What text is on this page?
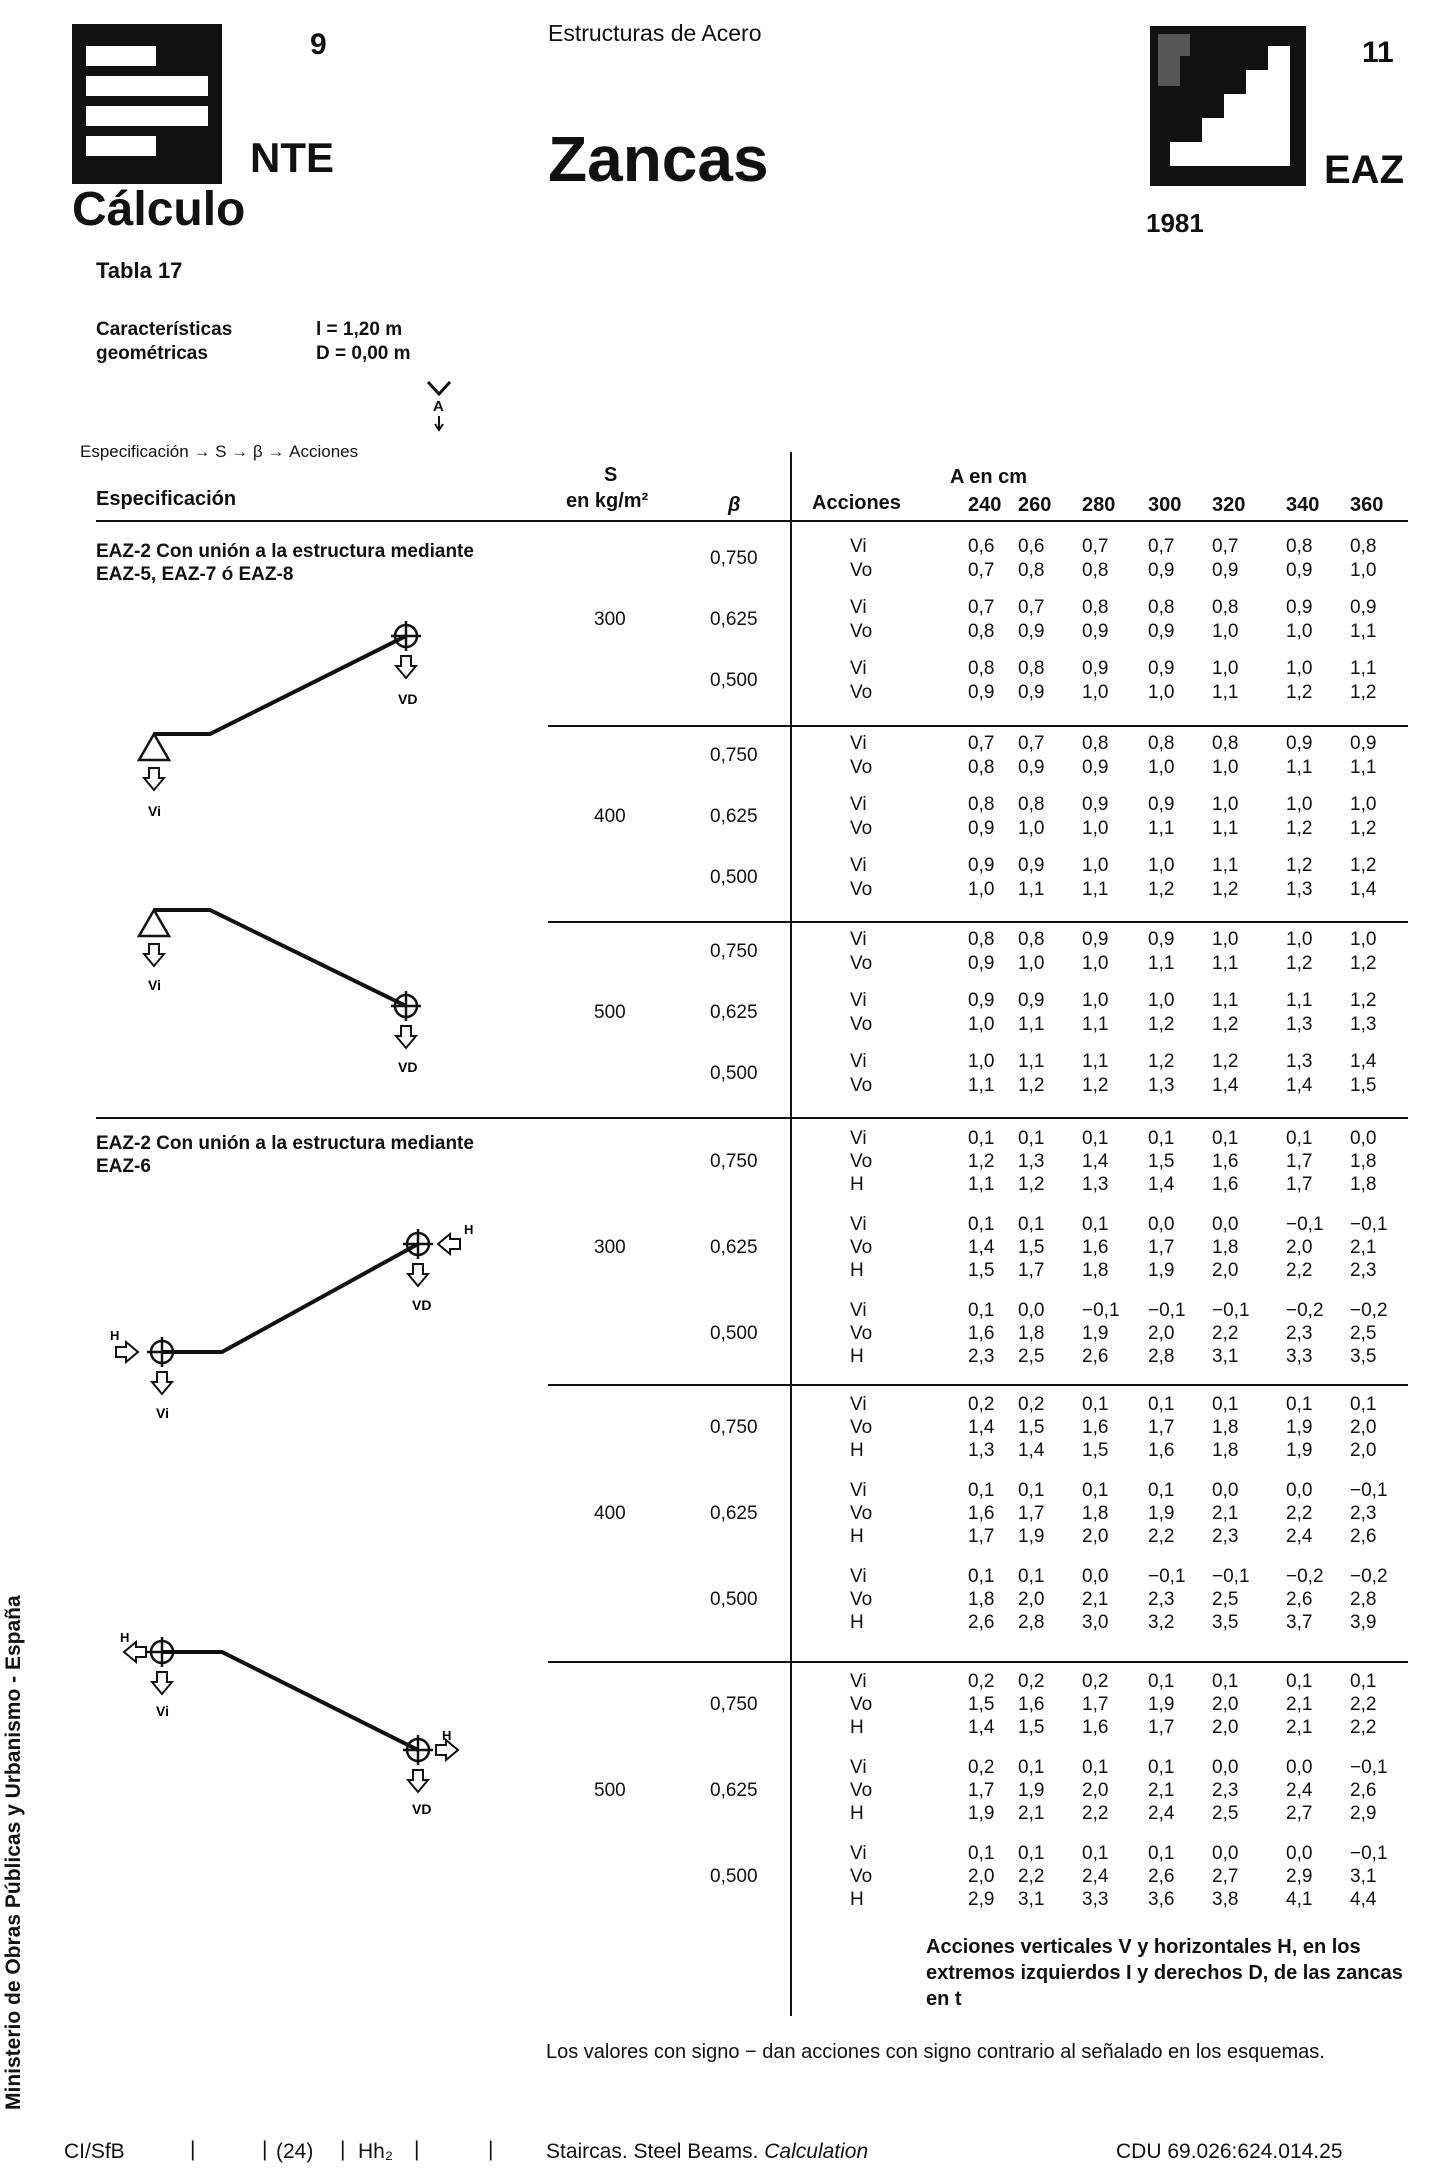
9
NTE
Cálculo
Estructuras de Acero
Zancas
11
EAZ
1981
Tabla 17
Características
geométricas
l = 1,20 m
D = 0,00 m
A
Especificación → S → β → Acciones
Especificación
S
en kg/m²	β	Acciones
A en cm
240 260 280 300 320 340 360
EAZ-2 Con unión a la estructura mediante EAZ-5, EAZ-7 ó EAZ-8
EAZ-2 Con unión a la estructura mediante EAZ-6
Vi
VD
Vi
VD
Vi
VD
H
H
Vi
VD
H
H
300
0,750
Vi	0,6 0,6 0,7 0,7 0,7	0,8 0,8
Vo	0,7 0,8 0,8 0,9 0,9	0,9 1,0
0,625
Vi	0,7 0,7 0,8 0,8 0,8	0,9 0,9
Vo	0,8 0,9 0,9 0,9 1,0	1,0 1,1
0,500
Vi	0,8 0,8 0,9 0,9 1,0	1,0 1,1
Vo	0,9 0,9 1,0 1,0 1,1	1,2 1,2
400
0,750
Vi	0,7 0,7 0,8 0,8 0,8	0,9 0,9
Vo	0,8 0,9 0,9 1,0 1,0	1,1 1,1
0,625
Vi	0,8 0,8 0,9 0,9 1,0	1,0 1,0
Vo	0,9 1,0 1,0 1,1 1,1	1,2 1,2
0,500
Vi	0,9 0,9 1,0 1,0 1,1	1,2 1,2
Vo	1,0 1,1 1,1 1,2 1,2	1,3 1,4
500
0,750
Vi	0,8 0,8 0,9 0,9 1,0	1,0 1,0
Vo	0,9 1,0 1,0 1,1 1,1	1,2 1,2
0,625
Vi	0,9 0,9 1,0 1,0 1,1	1,1 1,2
Vo	1,0 1,1 1,1 1,2 1,2	1,3 1,3
0,500
Vi	1,0 1,1 1,1 1,2 1,2	1,3 1,4
Vo	1,1 1,2 1,2 1,3 1,4	1,4 1,5
300
0,750
Vi	0,1 0,1 0,1 0,1 0,1	0,1 0,0
Vo	1,2 1,3 1,4 1,5 1,6	1,7 1,8
H	1,1 1,2 1,3 1,4 1,6	1,7 1,8
0,625
Vi	0,1 0,1 0,1 0,0 0,0	−0,1 −0,1
Vo	1,4 1,5 1,6 1,7 1,8	2,0 2,1
H	1,5 1,7 1,8 1,9 2,0	2,2 2,3
0,500
Vi	0,1 0,0 −0,1 −0,1 −0,1 −0,2 −0,2
Vo	1,6 1,8 1,9 2,0 2,2	2,3 2,5
H	2,3 2,5 2,6 2,8 3,1	3,3 3,5
400
0,750
Vi	0,2 0,2 0,1 0,1 0,1	0,1 0,1
Vo	1,4 1,5 1,6 1,7 1,8	1,9 2,0
H	1,3 1,4 1,5 1,6 1,8	1,9 2,0
0,625
Vi	0,1 0,1 0,1 0,1 0,0	0,0 −0,1
Vo	1,6 1,7 1,8 1,9 2,1	2,2 2,3
H	1,7 1,9 2,0 2,2 2,3	2,4 2,6
0,500
Vi	0,1 0,1 0,0 −0,1 −0,1 −0,2 −0,2
Vo	1,8 2,0 2,1 2,3 2,5	2,6 2,8
H	2,6 2,8 3,0 3,2 3,5	3,7 3,9
500
0,750
Vi	0,2 0,2 0,2 0,1 0,1	0,1 0,1
Vo	1,5 1,6 1,7 1,9 2,0	2,1 2,2
H	1,4 1,5 1,6 1,7 2,0	2,1 2,2
0,625
Vi	0,2 0,1 0,1 0,1 0,0	0,0 −0,1
Vo	1,7 1,9 2,0 2,1 2,3	2,4 2,6
H	1,9 2,1 2,2 2,4 2,5	2,7 2,9
0,500
Vi	0,1 0,1 0,1 0,1 0,0	0,0 −0,1
Vo	2,0 2,2 2,4 2,6 2,7	2,9 3,1
H	2,9 3,1 3,3 3,6 3,8	4,1 4,4
Acciones verticales V y horizontales H, en los extremos izquierdos I y derechos D, de las zancas en t
Los valores con signo − dan acciones con signo contrario al señalado en los esquemas.
CI/SfB	|	| (24) | Hh₂ |	|	Staircas. Steel Beams. Calculation	CDU 69.026:624.014.25
Ministerio de Obras Públicas y Urbanismo - España
